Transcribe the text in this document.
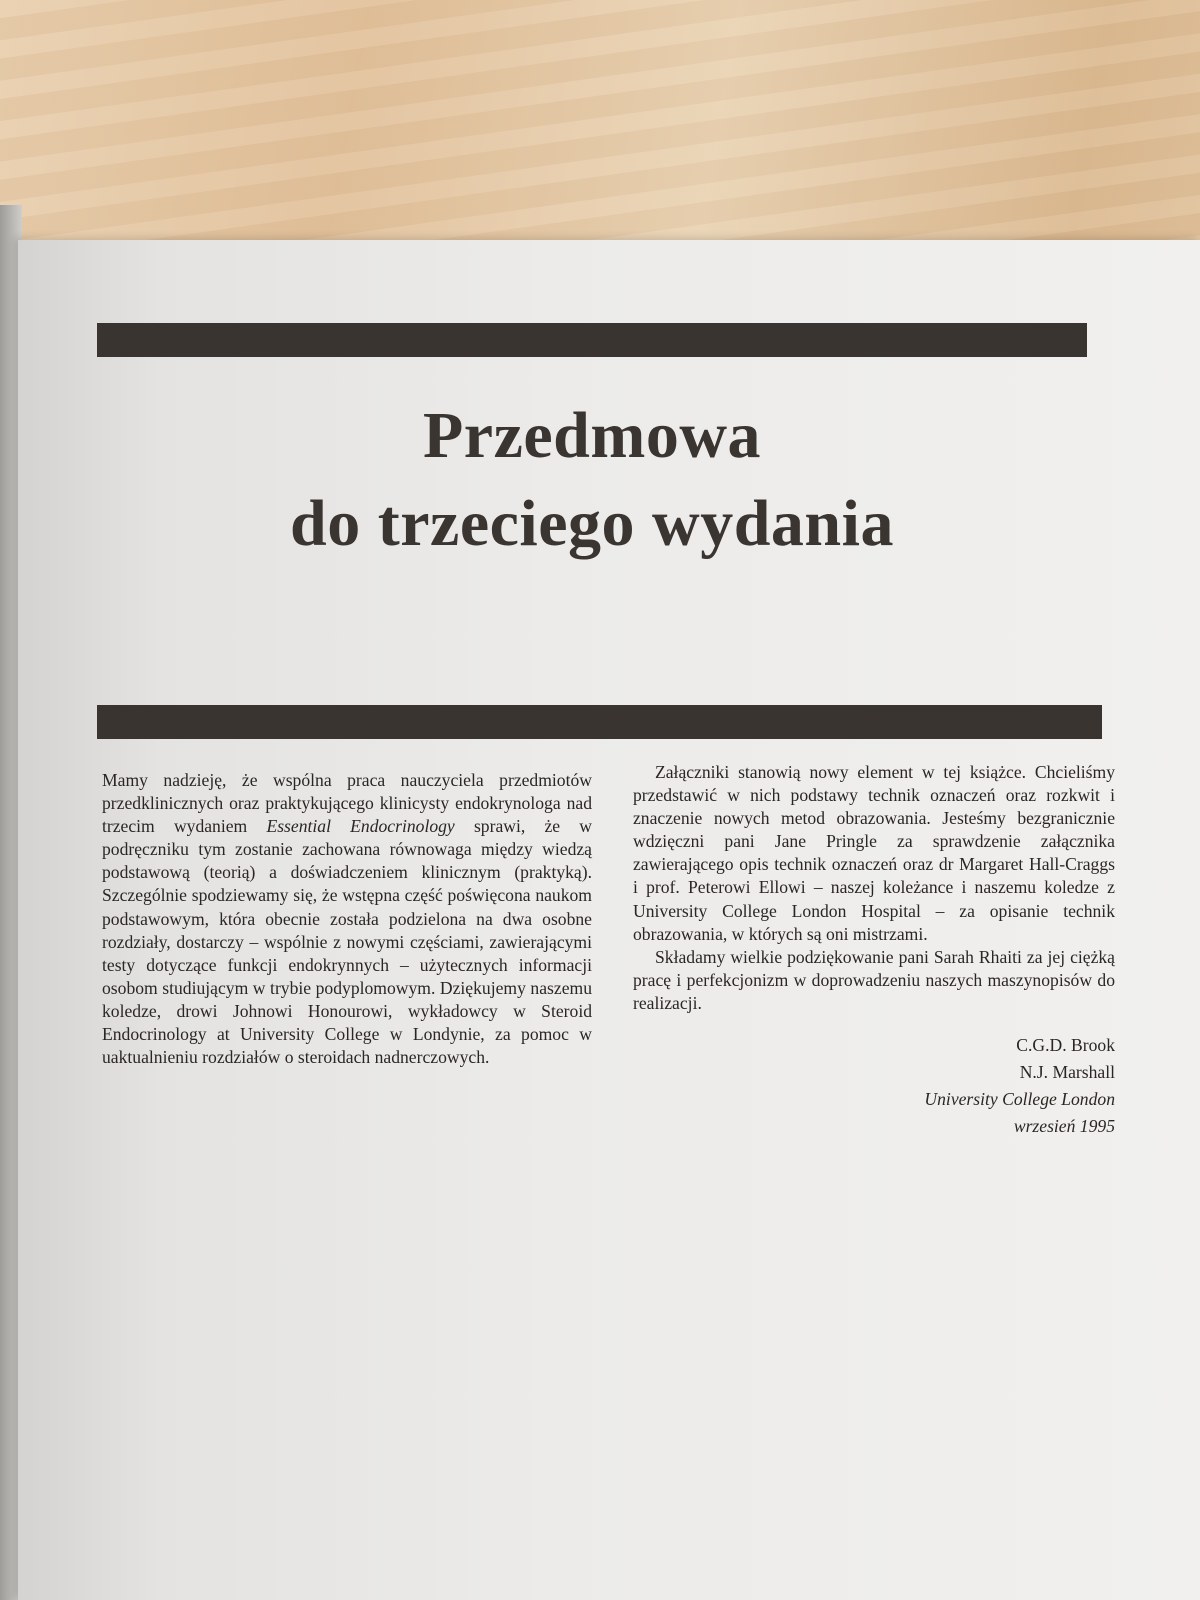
Przedmowa
do trzeciego wydania

Mamy nadzieję, że wspólna praca nauczyciela przedmiotów przedklinicznych oraz praktykującego klinicysty endokrynologa nad trzecim wydaniem Essential Endocrinology sprawi, że w podręczniku tym zostanie zachowana równowaga między wiedzą podstawową (teorią) a doświadczeniem klinicznym (praktyką). Szczególnie spodziewamy się, że wstępna część poświęcona naukom podstawowym, która obecnie została podzielona na dwa osobne rozdziały, dostarczy – wspólnie z nowymi częściami, zawierającymi testy dotyczące funkcji endokrynnych – użytecznych informacji osobom studiującym w trybie podyplomowym. Dziękujemy naszemu koledze, drowi Johnowi Honourowi, wykładowcy w Steroid Endocrinology at University College w Londynie, za pomoc w uaktualnieniu rozdziałów o steroidach nadnerczowych.

Załączniki stanowią nowy element w tej książce. Chcieliśmy przedstawić w nich podstawy technik oznaczeń oraz rozkwit i znaczenie nowych metod obrazowania. Jesteśmy bezgranicznie wdzięczni pani Jane Pringle za sprawdzenie załącznika zawierającego opis technik oznaczeń oraz dr Margaret Hall-Craggs i prof. Peterowi Ellowi – naszej koleżance i naszemu koledze z University College London Hospital – za opisanie technik obrazowania, w których są oni mistrzami.

Składamy wielkie podziękowanie pani Sarah Rhaiti za jej ciężką pracę i perfekcjonizm w doprowadzeniu naszych maszynopisów do realizacji.

C.G.D. Brook
N.J. Marshall
University College London
wrzesień 1995
